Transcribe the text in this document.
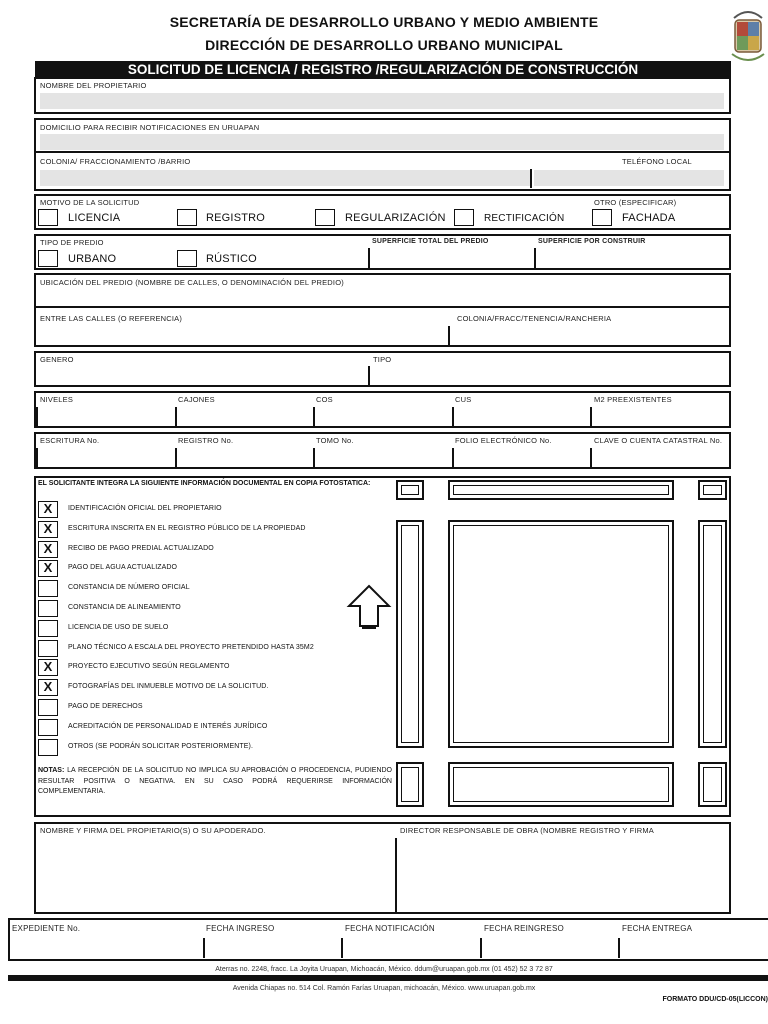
SECRETARÍA DE DESARROLLO URBANO Y MEDIO AMBIENTE
DIRECCIÓN DE DESARROLLO URBANO MUNICIPAL
SOLICITUD DE LICENCIA / REGISTRO /REGULARIZACIÓN DE CONSTRUCCIÓN
NOMBRE DEL PROPIETARIO
DOMICILIO PARA RECIBIR NOTIFICACIONES EN URUAPAN
COLONIA/ FRACCIONAMIENTO /BARRIO	TELÉFONO LOCAL
MOTIVO DE LA SOLICITUD	OTRO (ESPECIFICAR)
LICENCIA	REGISTRO	REGULARIZACIÓN	RECTIFICACIÓN	FACHADA
TIPO DE PREDIO	SUPERFICIE TOTAL DEL PREDIO	SUPERFICIE POR CONSTRUIR
URBANO	RÚSTICO
UBICACIÓN DEL PREDIO (NOMBRE DE CALLES, O DENOMINACIÓN DEL PREDIO)
ENTRE LAS CALLES (O REFERENCIA)	COLONIA/FRACC/TENENCIA/RANCHERIA
GENERO	TIPO
NIVELES	CAJONES	COS	CUS	M2 PREEXISTENTES
ESCRITURA No.	REGISTRO No.	TOMO No.	FOLIO ELECTRÓNICO No.	CLAVE O CUENTA CATASTRAL No.
EL SOLICITANTE INTEGRA LA SIGUIENTE INFORMACIÓN DOCUMENTAL EN COPIA FOTOSTATICA:
X	IDENTIFICACIÓN OFICIAL DEL PROPIETARIO
X	ESCRITURA INSCRITA EN EL REGISTRO PÚBLICO DE LA PROPIEDAD
X	RECIBO DE PAGO PREDIAL ACTUALIZADO
X	PAGO DEL AGUA ACTUALIZADO
CONSTANCIA DE NÚMERO OFICIAL
CONSTANCIA DE ALINEAMIENTO
LICENCIA DE USO DE SUELO
PLANO TÉCNICO A ESCALA DEL PROYECTO PRETENDIDO HASTA 35M2
X	PROYECTO EJECUTIVO SEGÚN REGLAMENTO
X	FOTOGRAFÍAS DEL INMUEBLE MOTIVO DE LA SOLICITUD.
PAGO DE DERECHOS
ACREDITACIÓN DE PERSONALIDAD E INTERÉS JURÍDICO
OTROS (SE PODRÁN SOLICITAR POSTERIORMENTE).
NOTAS: LA RECEPCIÓN DE LA SOLICITUD NO IMPLICA SU APROBACIÓN O PROCEDENCIA, PUDIENDO RESULTAR POSITIVA O NEGATIVA. EN SU CASO PODRÁ REQUERIRSE INFORMACIÓN COMPLEMENTARIA.
NOMBRE Y FIRMA DEL PROPIETARIO(S) O SU APODERADO.	DIRECTOR RESPONSABLE DE OBRA (NOMBRE REGISTRO Y FIRMA
EXPEDIENTE No.	FECHA INGRESO	FECHA NOTIFICACIÓN	FECHA REINGRESO	FECHA ENTREGA
Aterras no. 2248, fracc. La Joyita Uruapan, Michoacán, México. ddum@uruapan.gob.mx (01 452) 52 3 72 87
Avenida Chiapas no. 514 Col. Ramón Farías Uruapan, michoacán, México. www.uruapan.gob.mx
FORMATO DDU/CD-05(LICCON)
